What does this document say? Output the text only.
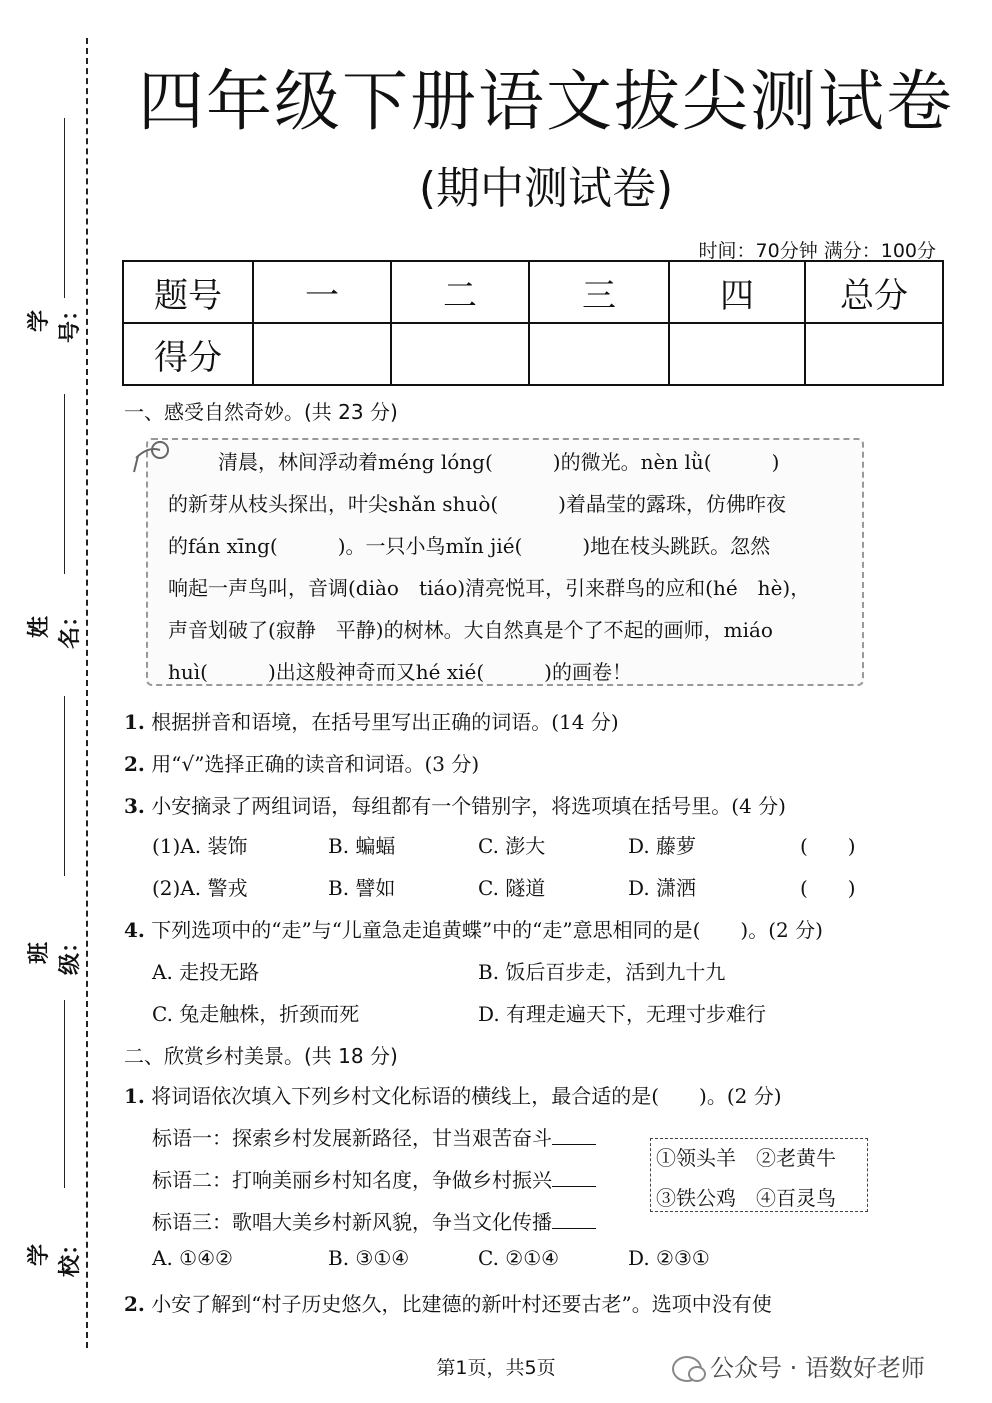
学号：
姓名：
班级：
学校：
四年级下册语文拔尖测试卷
(期中测试卷)
时间：70分钟 满分：100分
题号	一	二	三	四	总分
得分					
一、感受自然奇妙。(共 23 分)
清晨，林间浮动着méng lóng(　　　)的微光。nèn lǜ(　　　)
的新芽从枝头探出，叶尖shǎn shuò(　　　)着晶莹的露珠，仿佛昨夜
的fán xīng(　　　)。一只小鸟mǐn jié(　　　)地在枝头跳跃。忽然
响起一声鸟叫，音调(diào　tiáo)清亮悦耳，引来群鸟的应和(hé　hè)，
声音划破了(寂静　平静)的树林。大自然真是个了不起的画师，miáo
huì(　　　)出这般神奇而又hé xié(　　　)的画卷！
1. 根据拼音和语境，在括号里写出正确的词语。(14 分)
2. 用“√”选择正确的读音和词语。(3 分)
3. 小安摘录了两组词语，每组都有一个错别字，将选项填在括号里。(4 分)
(1)A. 装饰	B. 蝙蝠	C. 澎大	D. 藤萝	(　　)
(2)A. 警戎	B. 譬如	C. 隧道	D. 潇洒	(　　)
4. 下列选项中的“走”与“儿童急走追黄蝶”中的“走”意思相同的是(　　)。(2 分)
A. 走投无路	B. 饭后百步走，活到九十九
C. 兔走触株，折颈而死	D. 有理走遍天下，无理寸步难行
二、欣赏乡村美景。(共 18 分)
1. 将词语依次填入下列乡村文化标语的横线上，最合适的是(　　)。(2 分)
标语一：探索乡村发展新路径，甘当艰苦奋斗
标语二：打响美丽乡村知名度，争做乡村振兴
标语三：歌唱大美乡村新风貌，争当文化传播
①领头羊　②老黄牛
③铁公鸡　④百灵鸟
A. ①④②	B. ③①④	C. ②①④	D. ②③①
2. 小安了解到“村子历史悠久，比建德的新叶村还要古老”。选项中没有使
第1页，共5页	公众号 · 语数好老师
